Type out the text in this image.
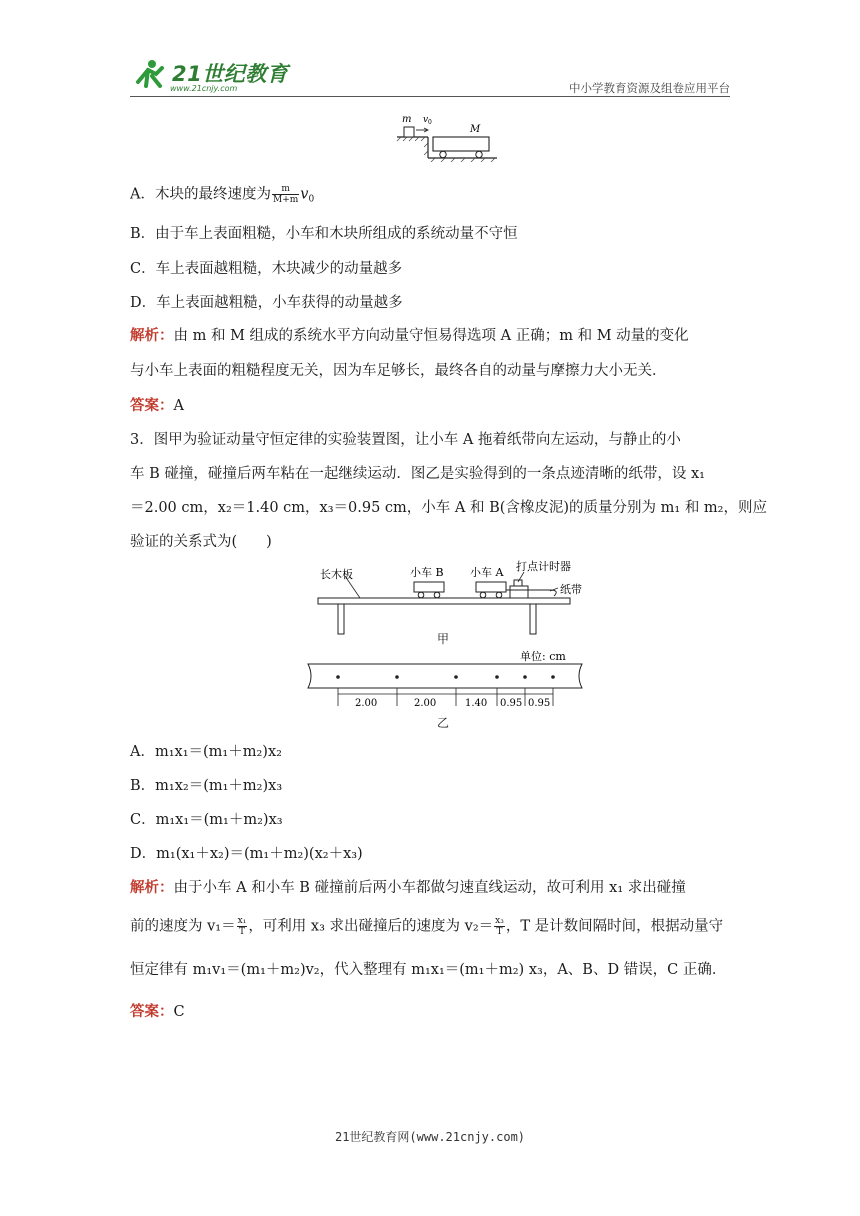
21世纪教育
www.21cnjy.com	中小学教育资源及组卷应用平台
m v 0
M
A．木块的最终速度为 $\frac{m}{M+m} v_0$
B．由于车上表面粗糙，小车和木块所组成的系统动量不守恒
C．车上表面越粗糙，木块减少的动量越多
D．车上表面越粗糙，小车获得的动量越多
解析：由 m 和 M 组成的系统水平方向动量守恒易得选项 A 正确；m 和 M 动量的变化
与小车上表面的粗糙程度无关，因为车足够长，最终各自的动量与摩擦力大小无关．
答案：A
3．图甲为验证动量守恒定律的实验装置图，让小车 A 拖着纸带向左运动，与静止的小
车 B 碰撞，碰撞后两车粘在一起继续运动．图乙是实验得到的一条点迹清晰的纸带，设 x₁
＝2.00 cm，x₂＝1.40 cm，x₃＝0.95 cm，小车 A 和 B(含橡皮泥)的质量分别为 m₁ 和 m₂，则应
验证的关系式为(　　)
长木板	小车 B 小车 A 打点计时器
纸带
甲
单位: cm
2.00	2.00	1.40 0.95 0.95
乙
A．m₁x₁＝(m₁＋m₂)x₂
B．m₁x₂＝(m₁＋m₂)x₃
C．m₁x₁＝(m₁＋m₂)x₃
D．m₁(x₁＋x₂)＝(m₁＋m₂)(x₂＋x₃)
解析：由于小车 A 和小车 B 碰撞前后两小车都做匀速直线运动，故可利用 x₁ 求出碰撞
前的速度为 $v_1= \frac{\text{x₁}}{T}$ ，可利用 x₃ 求出碰撞后的速度为 $v_2= \frac{\text{x₃}}{T}$ ，T 是计数间隔时间，根据动量守
恒定律有 m₁v₁＝(m₁＋m₂)v₂，代入整理有 m₁x₁＝(m₁＋m₂) x₃，A、B、D 错误，C 正确．
答案：C
21世纪教育网(www.21cnjy.com)
